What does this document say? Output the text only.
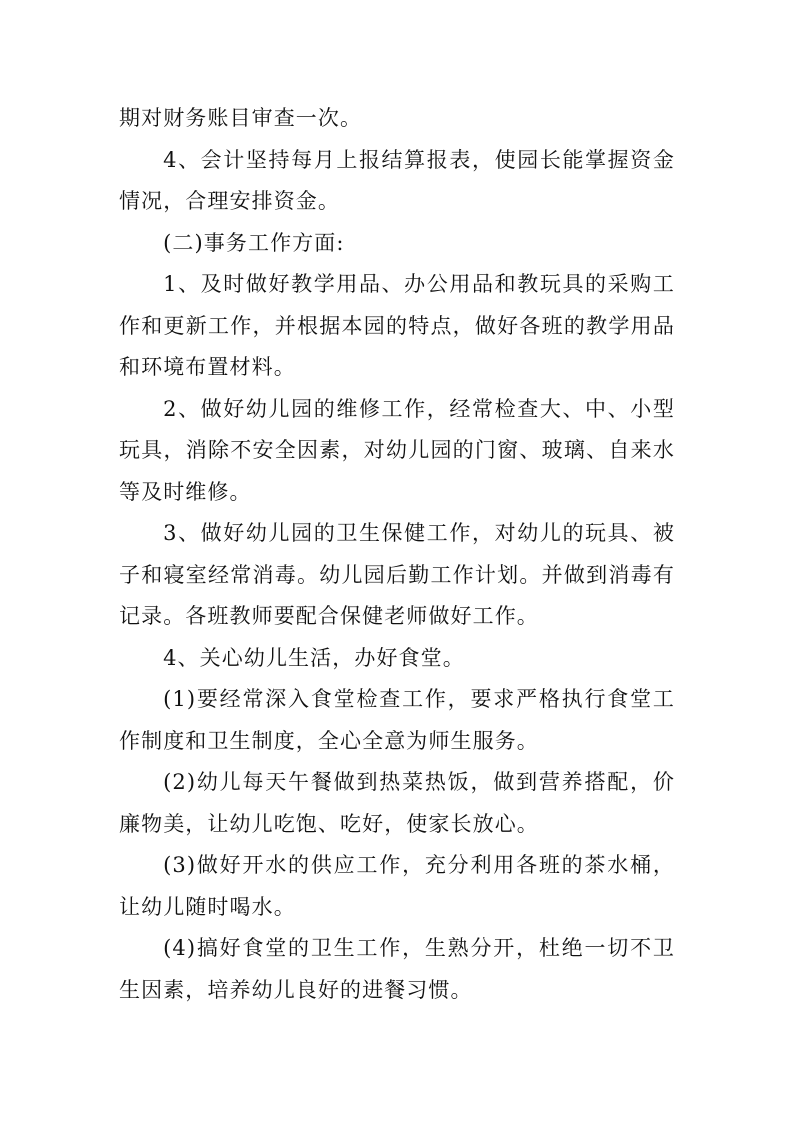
期对财务账目审查一次。

4、会计坚持每月上报结算报表，使园长能掌握资金情况，合理安排资金。

(二)事务工作方面:

1、及时做好教学用品、办公用品和教玩具的采购工作和更新工作，并根据本园的特点，做好各班的教学用品和环境布置材料。

2、做好幼儿园的维修工作，经常检查大、中、小型玩具，消除不安全因素，对幼儿园的门窗、玻璃、自来水等及时维修。

3、做好幼儿园的卫生保健工作，对幼儿的玩具、被子和寝室经常消毒。幼儿园后勤工作计划。并做到消毒有记录。各班教师要配合保健老师做好工作。

4、关心幼儿生活，办好食堂。

(1)要经常深入食堂检查工作，要求严格执行食堂工作制度和卫生制度，全心全意为师生服务。

(2)幼儿每天午餐做到热菜热饭，做到营养搭配，价廉物美，让幼儿吃饱、吃好，使家长放心。

(3)做好开水的供应工作，充分利用各班的茶水桶，让幼儿随时喝水。

(4)搞好食堂的卫生工作，生熟分开，杜绝一切不卫生因素，培养幼儿良好的进餐习惯。
